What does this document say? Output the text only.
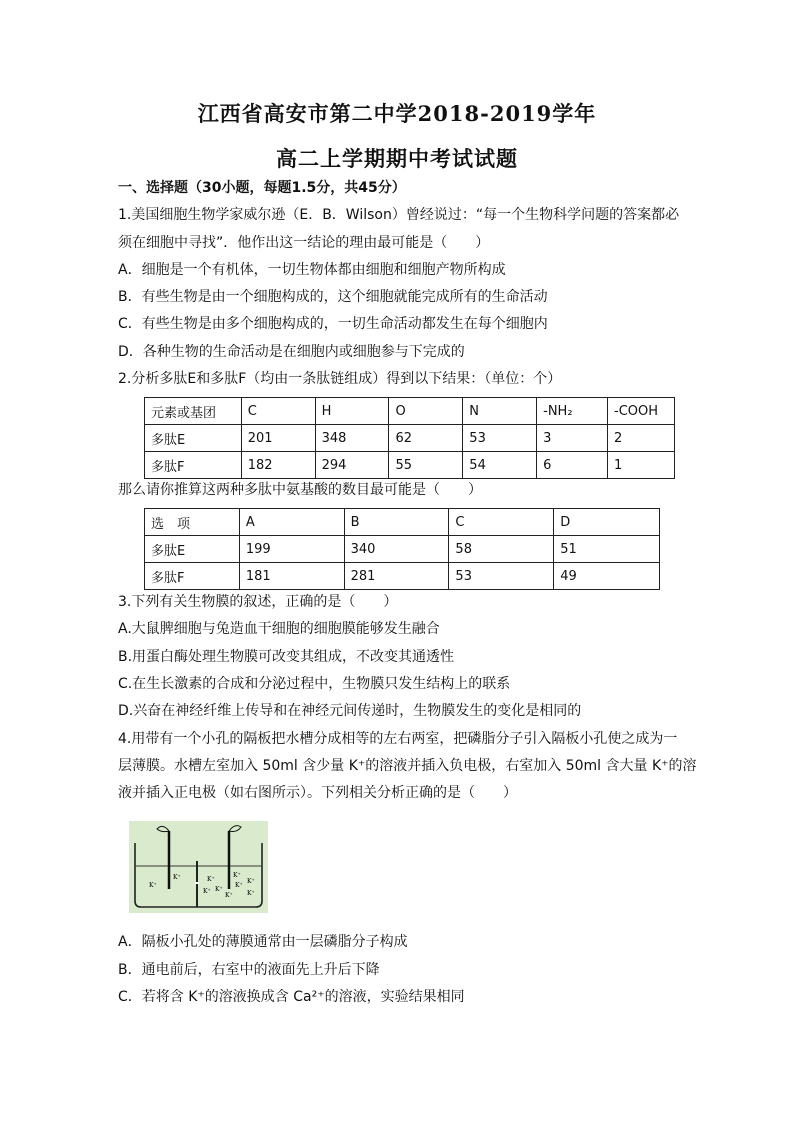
江西省高安市第二中学2018-2019学年
高二上学期期中考试试题
一、选择题（30小题，每题1.5分，共45分）
1.美国细胞生物学家威尔逊（E．B．Wilson）曾经说过：“每一个生物科学问题的答案都必
须在细胞中寻找”．他作出这一结论的理由最可能是（　　）
A．细胞是一个有机体，一切生物体都由细胞和细胞产物所构成
B．有些生物是由一个细胞构成的，这个细胞就能完成所有的生命活动
C．有些生物是由多个细胞构成的，一切生命活动都发生在每个细胞内
D．各种生物的生命活动是在细胞内或细胞参与下完成的
2.分析多肽E和多肽F（均由一条肽链组成）得到以下结果：（单位：个）
元素或基团	C	H	O	N	-NH₂	-COOH
多肽E	201	348	62	53	3	2
多肽F	182	294	55	54	6	1
那么请你推算这两种多肽中氨基酸的数目最可能是（　　）
选　项	A	B	C	D
多肽E	199	340	58	51
多肽F	181	281	53	49
3.下列有关生物膜的叙述，正确的是（　　）
A.大鼠脾细胞与兔造血干细胞的细胞膜能够发生融合
B.用蛋白酶处理生物膜可改变其组成，不改变其通透性
C.在生长激素的合成和分泌过程中，生物膜只发生结构上的联系
D.兴奋在神经纤维上传导和在神经元间传递时，生物膜发生的变化是相同的
4.用带有一个小孔的隔板把水槽分成相等的左右两室，把磷脂分子引入隔板小孔使之成为一
层薄膜。水槽左室加入 50ml 含少量 K⁺的溶液并插入负电极，右室加入 50ml 含大量 K⁺的溶
液并插入正电极（如右图所示）。下列相关分析正确的是（　　）
K⁺
K⁺	K⁺
K⁺ K⁺
K⁺
K⁺
K⁺
K⁺ K⁺
A．隔板小孔处的薄膜通常由一层磷脂分子构成
B．通电前后，右室中的液面先上升后下降
C．若将含 K⁺的溶液换成含 Ca²⁺的溶液，实验结果相同
